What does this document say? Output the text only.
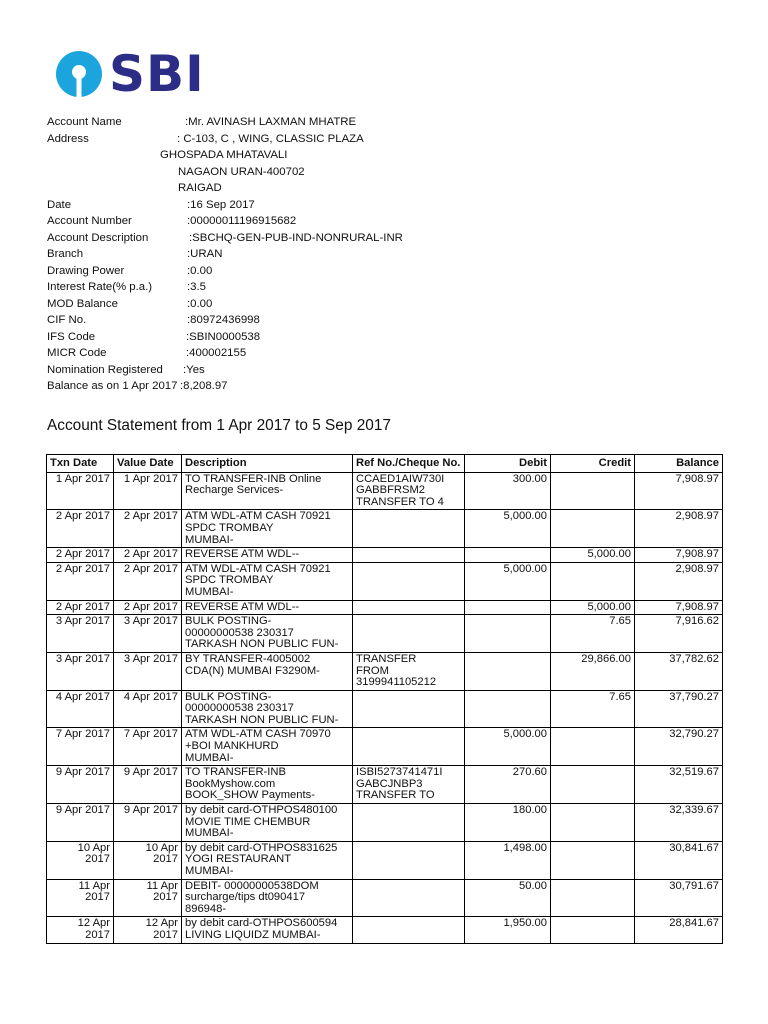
SBI
Account Name	:Mr. AVINASH LAXMAN MHATRE
Address	: C-103, C , WING, CLASSIC PLAZA
GHOSPADA MHATAVALI
NAGAON URAN-400702
RAIGAD
Date	:16 Sep 2017
Account Number	:00000011196915682
Account Description	:SBCHQ-GEN-PUB-IND-NONRURAL-INR
Branch	:URAN
Drawing Power	:0.00
Interest Rate(% p.a.)	:3.5
MOD Balance	:0.00
CIF No.	:80972436998
IFS Code	:SBIN0000538
MICR Code	:400002155
Nomination Registered :Yes
Balance as on 1 Apr 2017 :8,208.97
Account Statement from 1 Apr 2017 to 5 Sep 2017
Txn Date	Value Date	Description	Ref No./Cheque No.	Debit	Credit	Balance
1 Apr 2017	1 Apr 2017	TO TRANSFER-INB Online
Recharge Services-	CCAED1AIW730I
GABBFRSM2
TRANSFER TO 4	300.00		7,908.97
2 Apr 2017	2 Apr 2017	ATM WDL-ATM CASH 70921
SPDC TROMBAY
MUMBAI-		5,000.00		2,908.97
2 Apr 2017	2 Apr 2017	REVERSE ATM WDL--			5,000.00	7,908.97
2 Apr 2017	2 Apr 2017	ATM WDL-ATM CASH 70921
SPDC TROMBAY
MUMBAI-		5,000.00		2,908.97
2 Apr 2017	2 Apr 2017	REVERSE ATM WDL--			5,000.00	7,908.97
3 Apr 2017	3 Apr 2017	BULK POSTING-
00000000538 230317
TARKASH NON PUBLIC FUN-			7.65	7,916.62
3 Apr 2017	3 Apr 2017	BY TRANSFER-4005002
CDA(N) MUMBAI F3290M-	TRANSFER
FROM
3199941105212		29,866.00	37,782.62
4 Apr 2017	4 Apr 2017	BULK POSTING-
00000000538 230317
TARKASH NON PUBLIC FUN-			7.65	37,790.27
7 Apr 2017	7 Apr 2017	ATM WDL-ATM CASH 70970
+BOI MANKHURD
MUMBAI-		5,000.00		32,790.27
9 Apr 2017	9 Apr 2017	TO TRANSFER-INB
BookMyshow.com
BOOK_SHOW Payments-	ISBI5273741471I
GABCJNBP3
TRANSFER TO	270.60		32,519.67
9 Apr 2017	9 Apr 2017	by debit card-OTHPOS480100
MOVIE TIME CHEMBUR
MUMBAI-		180.00		32,339.67
10 Apr
2017	10 Apr
2017	by debit card-OTHPOS831625
YOGI RESTAURANT
MUMBAI-		1,498.00		30,841.67
11 Apr
2017	11 Apr
2017	DEBIT- 00000000538DOM
surcharge/tips dt090417
896948-		50.00		30,791.67
12 Apr
2017	12 Apr
2017	by debit card-OTHPOS600594
LIVING LIQUIDZ MUMBAI-		1,950.00		28,841.67
